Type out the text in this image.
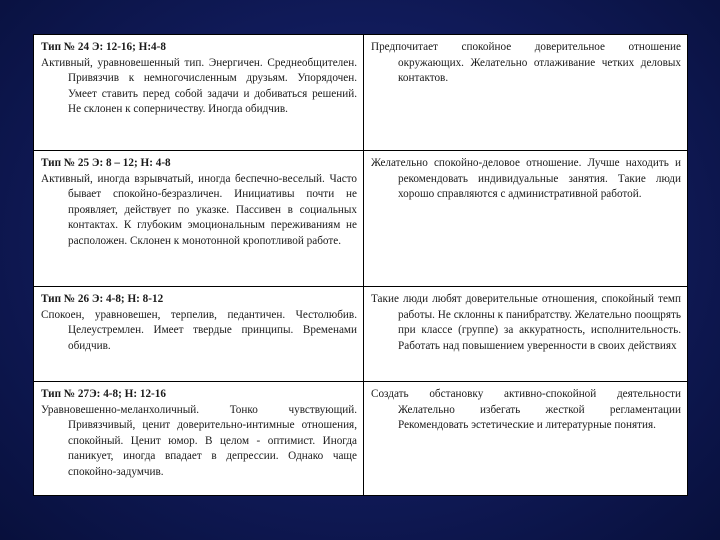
Тип № 24 Э: 12-16; Н:4-8
Активный, уравновешенный тип. Энергичен. Среднеобщителен. Привязчив к немногочисленным друзьям. Упорядочен. Умеет ставить перед собой задачи и добиваться решений. Не склонен к соперничеству. Иногда обидчив.	Предпочитает спокойное доверительное отношение окружающих. Желательно отлаживание четких деловых контактов.

Тип № 25 Э: 8 – 12; Н: 4-8
Активный, иногда взрывчатый, иногда беспечно-веселый. Часто бывает спокойно-безразличен. Инициативы почти не проявляет, действует по указке. Пассивен в социальных контактах. К глубоким эмоциональным переживаниям не расположен. Склонен к монотонной кропотливой работе.	Желательно спокойно-деловое отношение. Лучше находить и рекомендовать индивидуальные занятия. Такие люди хорошо справляются с административной работой.

Тип № 26 Э: 4-8; Н: 8-12
Спокоен, уравновешен, терпелив, педантичен. Честолюбив. Целеустремлен. Имеет твердые принципы. Временами обидчив.	Такие люди любят доверительные отношения, спокойный темп работы. Не склонны к панибратству. Желательно поощрять при классе (группе) за аккуратность, исполнительность. Работать над повышением уверенности в своих действиях

Тип № 27Э: 4-8; Н: 12-16
Уравновешенно-меланхоличный. Тонко чувствующий. Привязчивый, ценит доверительно-интимные отношения, спокойный. Ценит юмор. В целом - оптимист. Иногда паникует, иногда впадает в депрессии. Однако чаще спокойно-задумчив.	Создать обстановку активно-спокойной деятельности Желательно избегать жесткой регламентации Рекомендовать эстетические и литературные понятия.
